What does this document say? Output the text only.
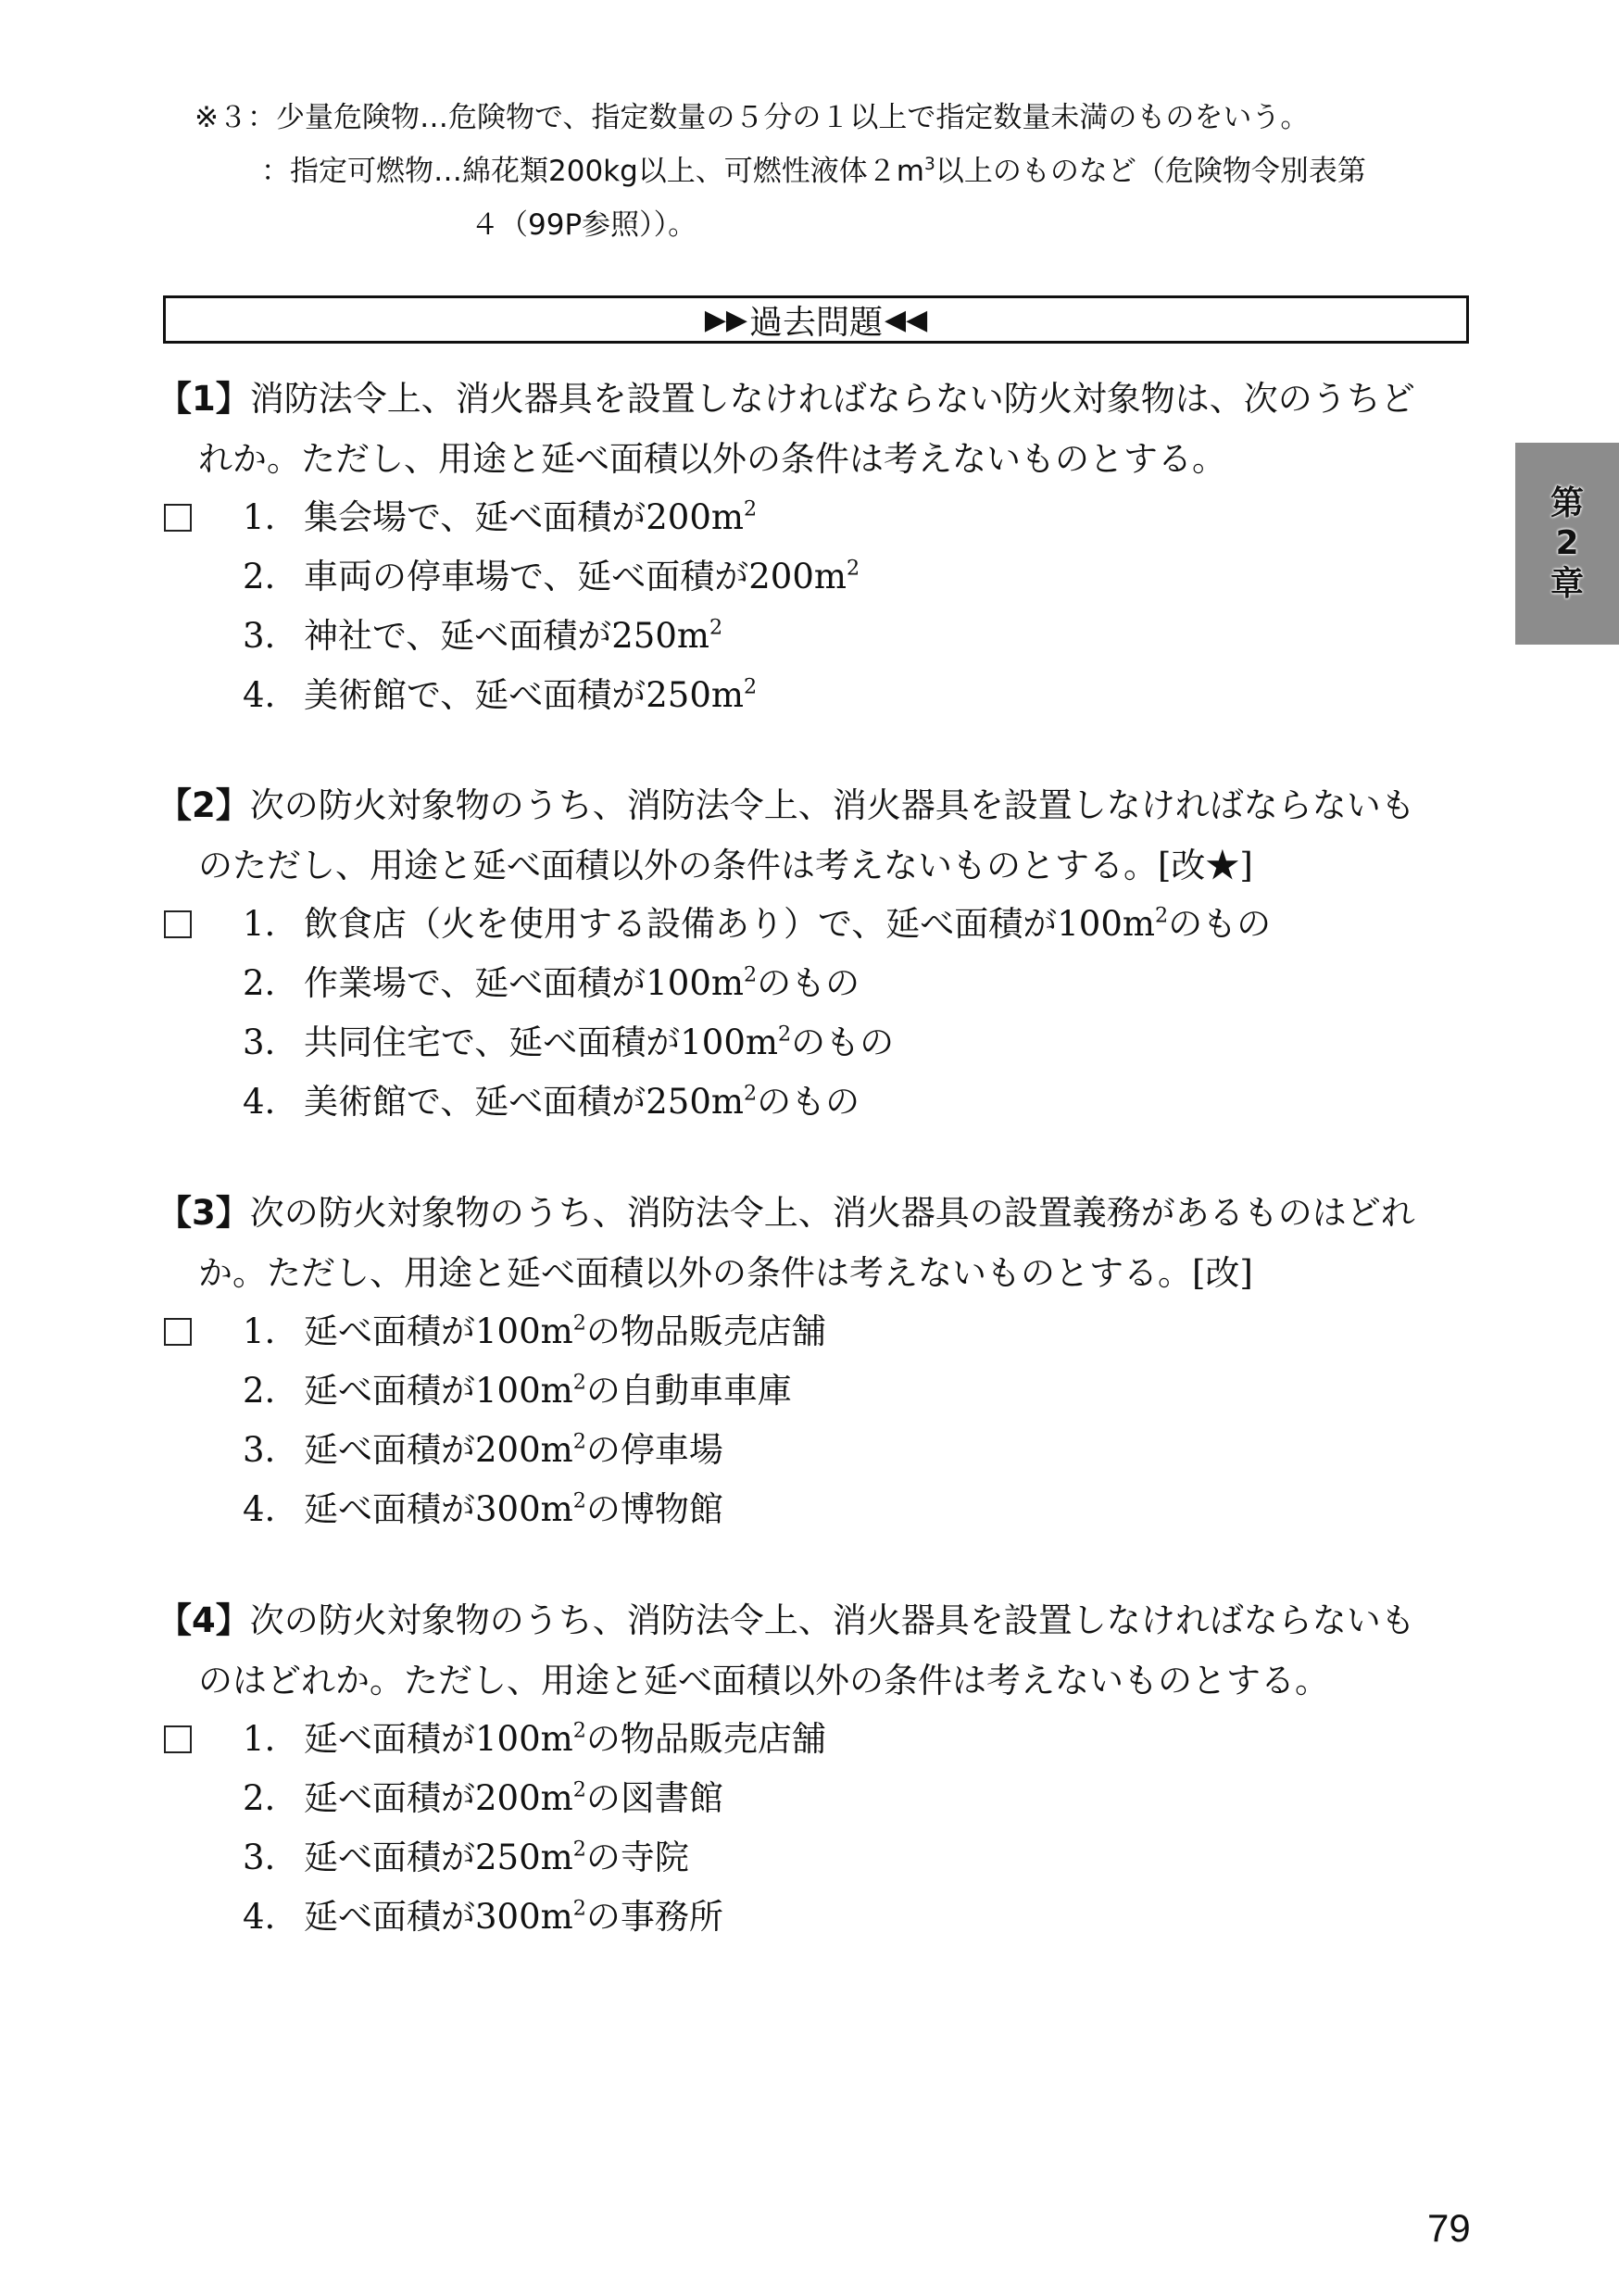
※３：少量危険物…危険物で、指定数量の５分の１以上で指定数量未満のものをいう。
：指定可燃物…綿花類200kg以上、可燃性液体$2m^3$以上のものなど（危険物令別表第
４（99P参照））。
▶▶ 過去問題 ◀◀
第
2
章
【1】消防法令上、消火器具を設置しなければならない防火対象物は、次のうちど
れか。ただし、用途と延べ面積以外の条件は考えないものとする。
1. 集会場で、延べ面積が$200m^2$
2. 車両の停車場で、延べ面積が$200m^2$
3. 神社で、延べ面積が$250m^2$
4. 美術館で、延べ面積が$250m^2$
【2】次の防火対象物のうち、消防法令上、消火器具を設置しなければならないも
のただし、用途と延べ面積以外の条件は考えないものとする。[改★]
1. 飲食店（火を使用する設備あり）で、延べ面積が$100m^2$のもの
2. 作業場で、延べ面積が$100m^2$のもの
3. 共同住宅で、延べ面積が$100m^2$のもの
4. 美術館で、延べ面積が$250m^2$のもの
【3】次の防火対象物のうち、消防法令上、消火器具の設置義務があるものはどれ
か。ただし、用途と延べ面積以外の条件は考えないものとする。[改]
1. 延べ面積が$100m^2$の物品販売店舗
2. 延べ面積が$100m^2$の自動車車庫
3. 延べ面積が$200m^2$の停車場
4. 延べ面積が$300m^2$の博物館
【4】次の防火対象物のうち、消防法令上、消火器具を設置しなければならないも
のはどれか。ただし、用途と延べ面積以外の条件は考えないものとする。
1. 延べ面積が$100m^2$の物品販売店舗
2. 延べ面積が$200m^2$の図書館
3. 延べ面積が$250m^2$の寺院
4. 延べ面積が$300m^2$の事務所
79
